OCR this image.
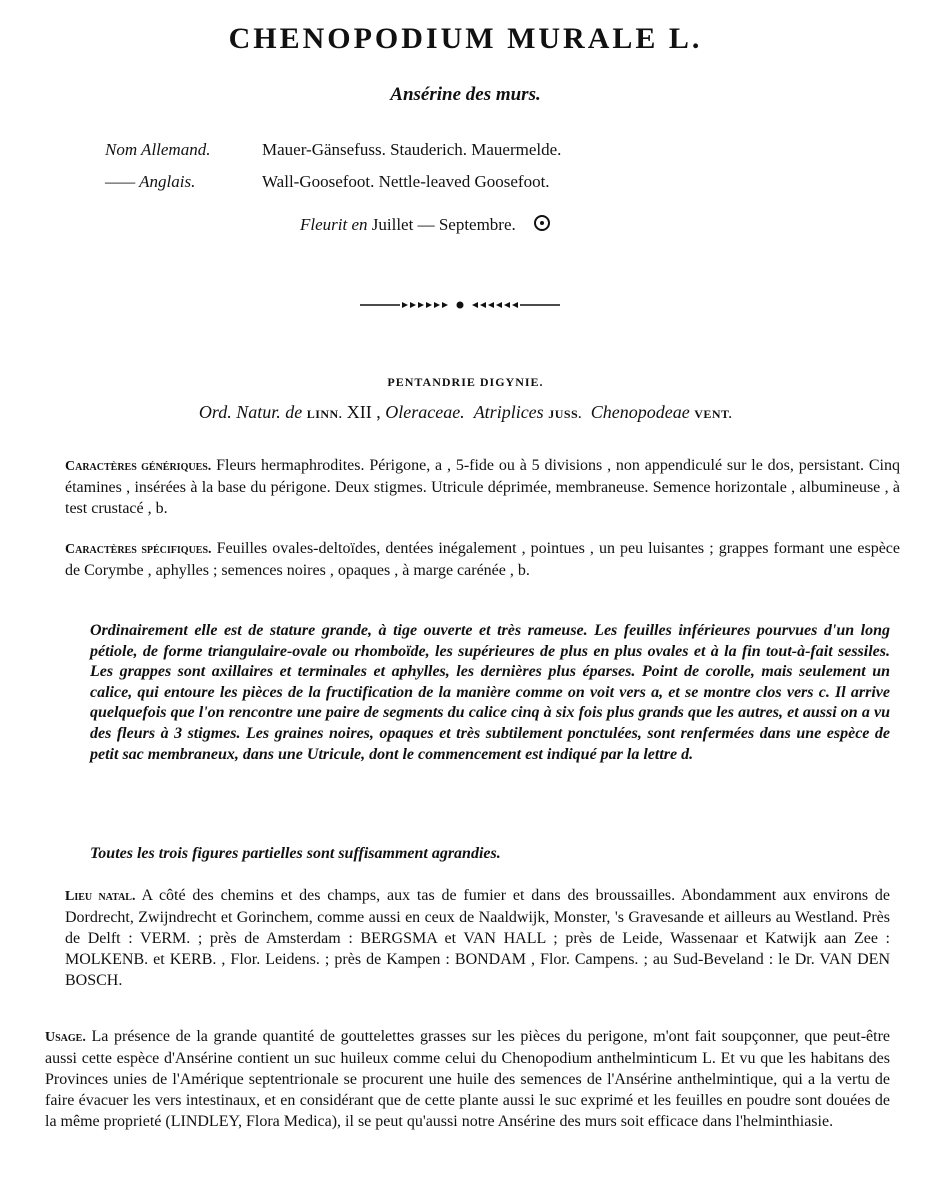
CHENOPODIUM MURALE L.
Ansérine des murs.
Nom Allemand.	Mauer-Gänsefuss. Stauderich. Mauermelde.
—— Anglais.	Wall-Goosefoot. Nettle-leaved Goosefoot.
Fleurit en Juillet — Septembre.
PENTANDRIE DIGYNIE.
Ord. Natur. de LINN. XII , Oleraceae. Atriplices JUSS. Chenopodeae VENT.
Caractères génériques. Fleurs hermaphrodites. Périgone, a , 5-fide ou à 5 divisions , non appendiculé sur le dos, persistant. Cinq étamines , insérées à la base du périgone. Deux stigmes. Utricule déprimée, membraneuse. Semence horizontale , albumineuse , à test crustacé , b.
Caractères spécifiques. Feuilles ovales-deltoïdes, dentées inégalement , pointues , un peu luisantes ; grappes formant une espèce de Corymbe , aphylles ; semences noires , opaques , à marge carénée , b.
Ordinairement elle est de stature grande, à tige ouverte et très rameuse. Les feuilles inférieures pourvues d'un long pétiole, de forme triangulaire-ovale ou rhomboïde, les supérieures de plus en plus ovales et à la fin tout-à-fait sessiles. Les grappes sont axillaires et terminales et aphylles, les dernières plus éparses. Point de corolle, mais seulement un calice, qui entoure les pièces de la fructification de la manière comme on voit vers a, et se montre clos vers c. Il arrive quelquefois que l'on rencontre une paire de segments du calice cinq à six fois plus grands que les autres, et aussi on a vu des fleurs à 3 stigmes. Les graines noires, opaques et très subtilement ponctulées, sont renfermées dans une espèce de petit sac membraneux, dans une Utricule, dont le commencement est indiqué par la lettre d.
Toutes les trois figures partielles sont suffisamment agrandies.
Lieu natal. A côté des chemins et des champs, aux tas de fumier et dans des broussailles. Abondamment aux environs de Dordrecht, Zwijndrecht et Gorinchem, comme aussi en ceux de Naaldwijk, Monster, 's Gravesande et ailleurs au Westland. Près de Delft : VERM. ; près de Amsterdam : BERGSMA et VAN HALL ; près de Leide, Wassenaar et Katwijk aan Zee : MOLKENB. et KERB. , Flor. Leidens. ; près de Kampen : BONDAM , Flor. Campens. ; au Sud-Beveland : le Dr. VAN DEN BOSCH.
Usage. La présence de la grande quantité de gouttelettes grasses sur les pièces du perigone, m'ont fait soupçonner, que peut-être aussi cette espèce d'Ansérine contient un suc huileux comme celui du Chenopodium anthelminticum L. Et vu que les habitans des Provinces unies de l'Amérique septentrionale se procurent une huile des semences de l'Ansérine anthelmintique, qui a la vertu de faire évacuer les vers intestinaux, et en considérant que de cette plante aussi le suc exprimé et les feuilles en poudre sont douées de la même proprieté (LINDLEY, Flora Medica), il se peut qu'aussi notre Ansérine des murs soit efficace dans l'helminthiasie.
